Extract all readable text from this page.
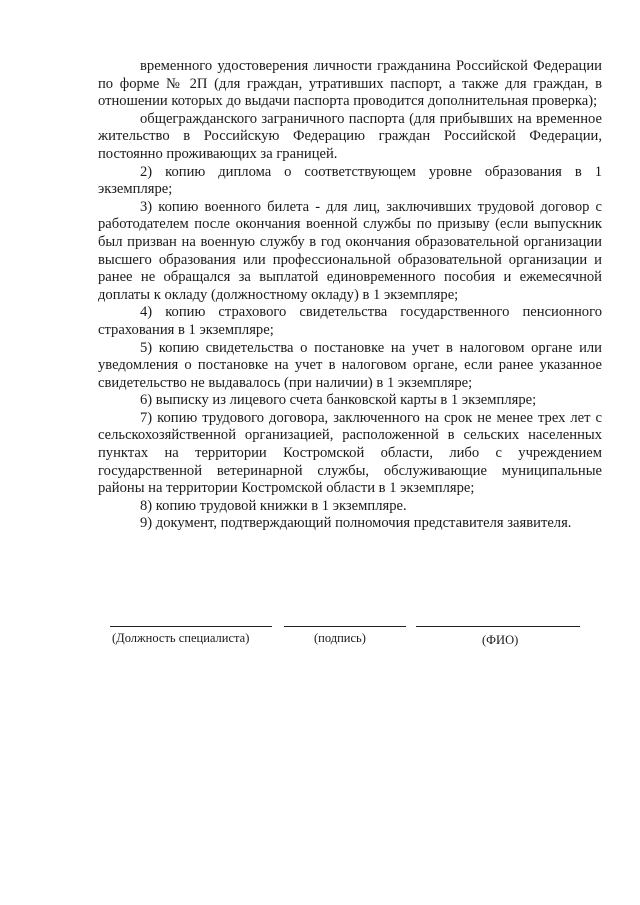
временного удостоверения личности гражданина Российской Федерации по форме № 2П (для граждан, утративших паспорт, а также для граждан, в отношении которых до выдачи паспорта проводится дополнительная проверка);

общегражданского заграничного паспорта (для прибывших на временное жительство в Российскую Федерацию граждан Российской Федерации, постоянно проживающих за границей.

2) копию диплома о соответствующем уровне образования в 1 экземпляре;

3) копию военного билета - для лиц, заключивших трудовой договор с работодателем после окончания военной службы по призыву (если выпускник был призван на военную службу в год окончания образовательной организации высшего образования или профессиональной образовательной организации и ранее не обращался за выплатой единовременного пособия и ежемесячной доплаты к окладу (должностному окладу) в 1 экземпляре;

4) копию страхового свидетельства государственного пенсионного страхования в 1 экземпляре;

5) копию свидетельства о постановке на учет в налоговом органе или уведомления о постановке на учет в налоговом органе, если ранее указанное свидетельство не выдавалось (при наличии) в 1 экземпляре;

6) выписку из лицевого счета банковской карты в 1 экземпляре;

7) копию трудового договора, заключенного на срок не менее трех лет с сельскохозяйственной организацией, расположенной в сельских населенных пунктах на территории Костромской области, либо с учреждением государственной ветеринарной службы, обслуживающие муниципальные районы на территории Костромской области в 1 экземпляре;

8) копию трудовой книжки в 1 экземпляре.

9) документ, подтверждающий полномочия представителя заявителя.

(Должность специалиста)	(подпись)	(ФИО)
